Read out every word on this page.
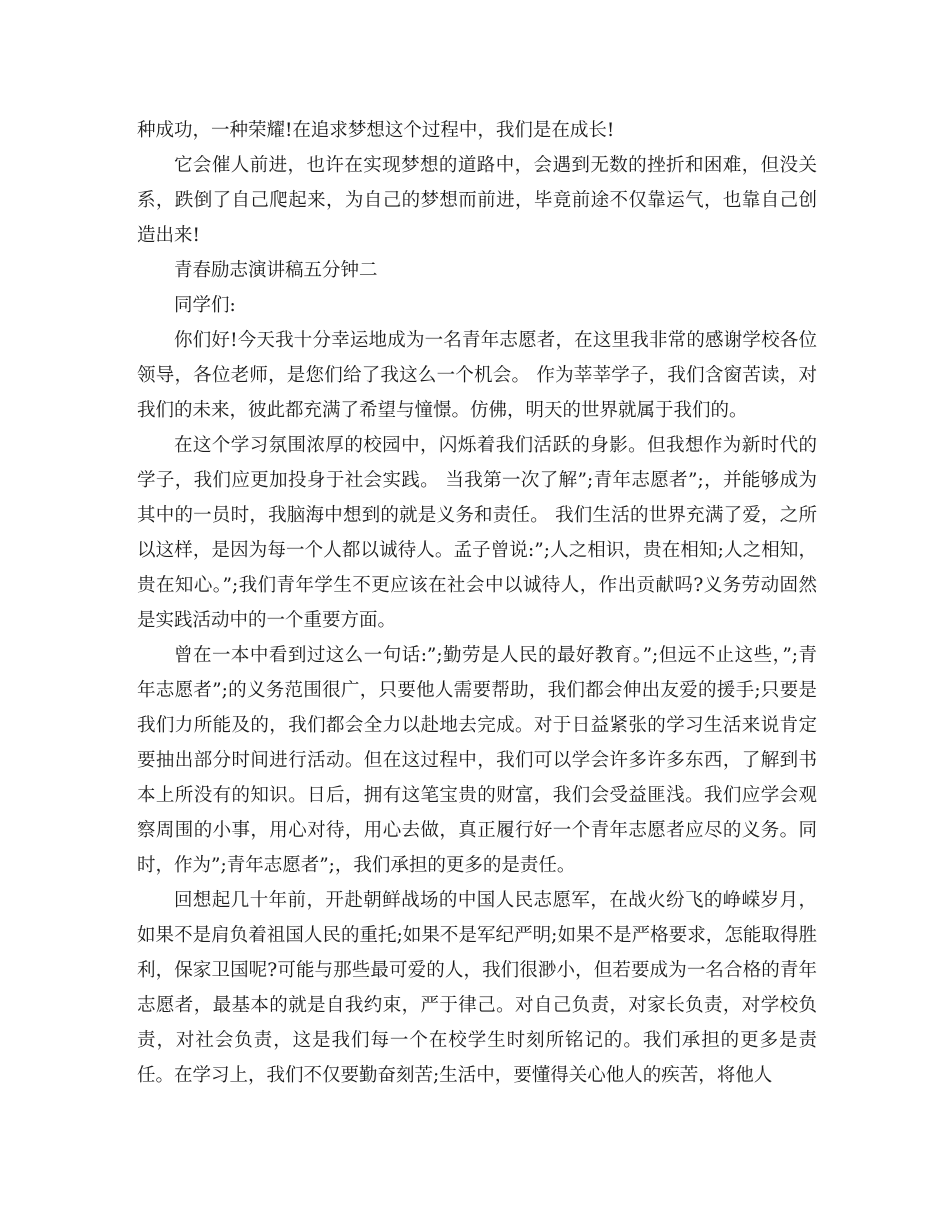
种成功，一种荣耀!在追求梦想这个过程中，我们是在成长!

它会催人前进，也许在实现梦想的道路中，会遇到无数的挫折和困难，但没关系，跌倒了自己爬起来，为自己的梦想而前进，毕竟前途不仅靠运气，也靠自己创造出来!

青春励志演讲稿五分钟二

同学们:

你们好!今天我十分幸运地成为一名青年志愿者，在这里我非常的感谢学校各位领导，各位老师，是您们给了我这么一个机会。 作为莘莘学子，我们含窗苦读，对我们的未来，彼此都充满了希望与憧憬。仿佛，明天的世界就属于我们的。

在这个学习氛围浓厚的校园中，闪烁着我们活跃的身影。但我想作为新时代的学子，我们应更加投身于社会实践。 当我第一次了解”;青年志愿者”;，并能够成为其中的一员时，我脑海中想到的就是义务和责任。 我们生活的世界充满了爱，之所以这样，是因为每一个人都以诚待人。孟子曾说:”;人之相识，贵在相知;人之相知，贵在知心。”;我们青年学生不更应该在社会中以诚待人，作出贡献吗?义务劳动固然是实践活动中的一个重要方面。

曾在一本中看到过这么一句话:”;勤劳是人民的最好教育。”;但远不止这些，”;青年志愿者”;的义务范围很广，只要他人需要帮助，我们都会伸出友爱的援手;只要是我们力所能及的，我们都会全力以赴地去完成。对于日益紧张的学习生活来说肯定要抽出部分时间进行活动。但在这过程中，我们可以学会许多许多东西，了解到书本上所没有的知识。日后，拥有这笔宝贵的财富，我们会受益匪浅。我们应学会观察周围的小事，用心对待，用心去做，真正履行好一个青年志愿者应尽的义务。同时，作为”;青年志愿者”;，我们承担的更多的是责任。

回想起几十年前，开赴朝鲜战场的中国人民志愿军，在战火纷飞的峥嵘岁月，如果不是肩负着祖国人民的重托;如果不是军纪严明;如果不是严格要求，怎能取得胜利，保家卫国呢?可能与那些最可爱的人，我们很渺小，但若要成为一名合格的青年志愿者，最基本的就是自我约束，严于律己。对自己负责，对家长负责，对学校负责，对社会负责，这是我们每一个在校学生时刻所铭记的。我们承担的更多是责任。在学习上，我们不仅要勤奋刻苦;生活中，要懂得关心他人的疾苦，将他人
